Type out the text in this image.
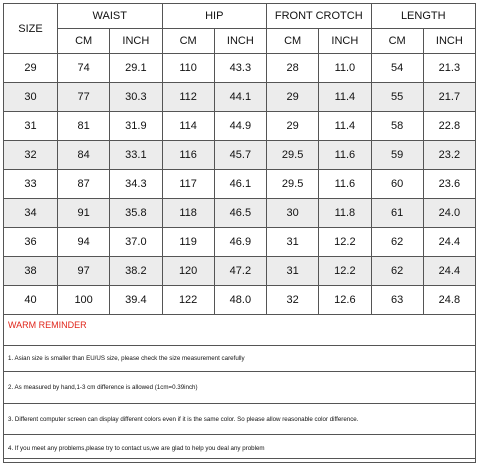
SIZE	WAIST		HIP		FRONT CROTCH		LENGTH	
	CM	INCH	CM	INCH	CM	INCH	CM	INCH
29	74	29.1	110	43.3	28	11.0	54	21.3
30	77	30.3	112	44.1	29	11.4	55	21.7
31	81	31.9	114	44.9	29	11.4	58	22.8
32	84	33.1	116	45.7	29.5	11.6	59	23.2
33	87	34.3	117	46.1	29.5	11.6	60	23.6
34	91	35.8	118	46.5	30	11.8	61	24.0
36	94	37.0	119	46.9	31	12.2	62	24.4
38	97	38.2	120	47.2	31	12.2	62	24.4
40	100	39.4	122	48.0	32	12.6	63	24.8
WARM REMINDER
1. Asian size is smaller than EU/US size, please check the size measurement carefully
2. As measured by hand,1-3 cm difference is allowed (1cm=0.39inch)
3. Different computer screen can display different colors even if it is the same color. So please allow reasonable color difference.
4. If you meet any problems,please try to contact us,we are glad to help you deal any problem
